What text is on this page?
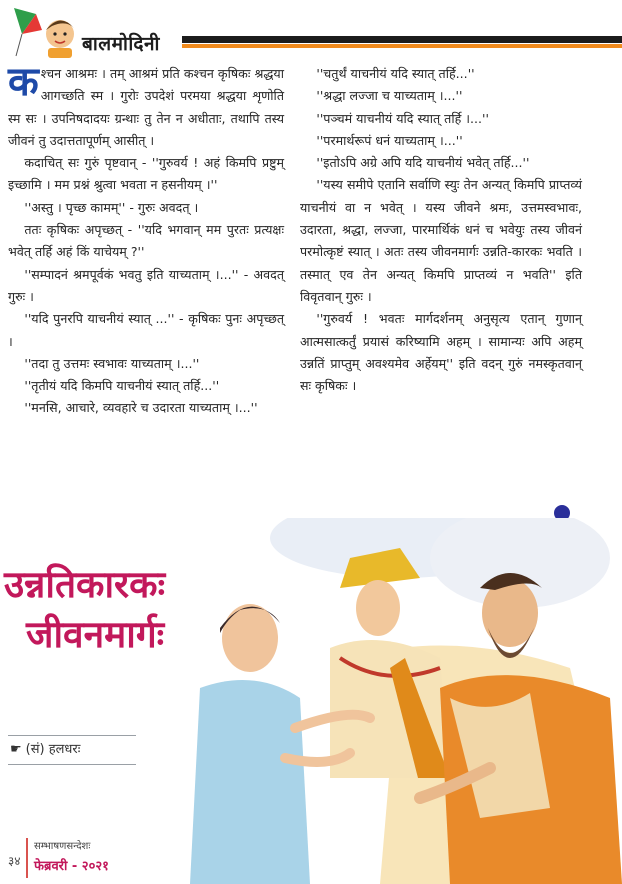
बालमोदिनी

कश्चन आश्रमः । तम् आश्रमं प्रति कश्चन कृषिकः श्रद्धया आगच्छति स्म । गुरोः उपदेशं परमया श्रद्धया शृणोति स्म सः । उपनिषदादयः ग्रन्थाः तु तेन न अधीताः, तथापि तस्य जीवनं तु उदात्ततापूर्णम् आसीत् ।

कदाचित् सः गुरुं पृष्टवान् - ''गुरुवर्य ! अहं किमपि प्रष्टुम् इच्छामि । मम प्रश्नं श्रुत्वा भवता न हसनीयम् ।''

''अस्तु । पृच्छ कामम्'' - गुरुः अवदत् ।

ततः कृषिकः अपृच्छत् - ''यदि भगवान् मम पुरतः प्रत्यक्षः भवेत् तर्हि अहं किं याचेयम् ?''

''सम्पादनं श्रमपूर्वकं भवतु इति याच्यताम् ।...'' - अवदत् गुरुः ।

''यदि पुनरपि याचनीयं स्यात् ...'' - कृषिकः पुनः अपृच्छत् ।

''तदा तु उत्तमः स्वभावः याच्यताम् ।...''

''तृतीयं यदि किमपि याचनीयं स्यात् तर्हि...''

''मनसि, आचारे, व्यवहारे च उदारता याच्यताम् ।...''

''चतुर्थं याचनीयं यदि स्यात् तर्हि...''

''श्रद्धा लज्जा च याच्यताम् ।...''

''पञ्चमं याचनीयं यदि स्यात् तर्हि ।...''

''परमार्थरूपं धनं याच्यताम् ।...''

''इतोऽपि अग्रे अपि यदि याचनीयं भवेत् तर्हि...''

''यस्य समीपे एतानि सर्वाणि स्युः तेन अन्यत् किमपि प्राप्तव्यं याचनीयं वा न भवेत् । यस्य जीवने श्रमः, उत्तमस्वभावः, उदारता, श्रद्धा, लज्जा, पारमार्थिकं धनं च भवेयुः तस्य जीवनं परमोत्कृष्टं स्यात् । अतः तस्य जीवनमार्गः उन्नति-कारकः भवति । तस्मात् एव तेन अन्यत् किमपि प्राप्तव्यं न भवति'' इति विवृतवान् गुरुः ।

''गुरुवर्य ! भवतः मार्गदर्शनम् अनुसृत्य एतान् गुणान् आत्मसात्कर्तुं प्रयासं करिष्यामि अहम् । सामान्यः अपि अहम् उन्नतिं प्राप्तुम् अवश्यमेव अर्हेयम्'' इति वदन् गुरुं नमस्कृतवान् सः कृषिकः ।

उन्नतिकारकः
जीवनमार्गः
☛ (सं) हलधरः
३४
सम्भाषणसन्देशः
फेब्रवरी - २०२१
